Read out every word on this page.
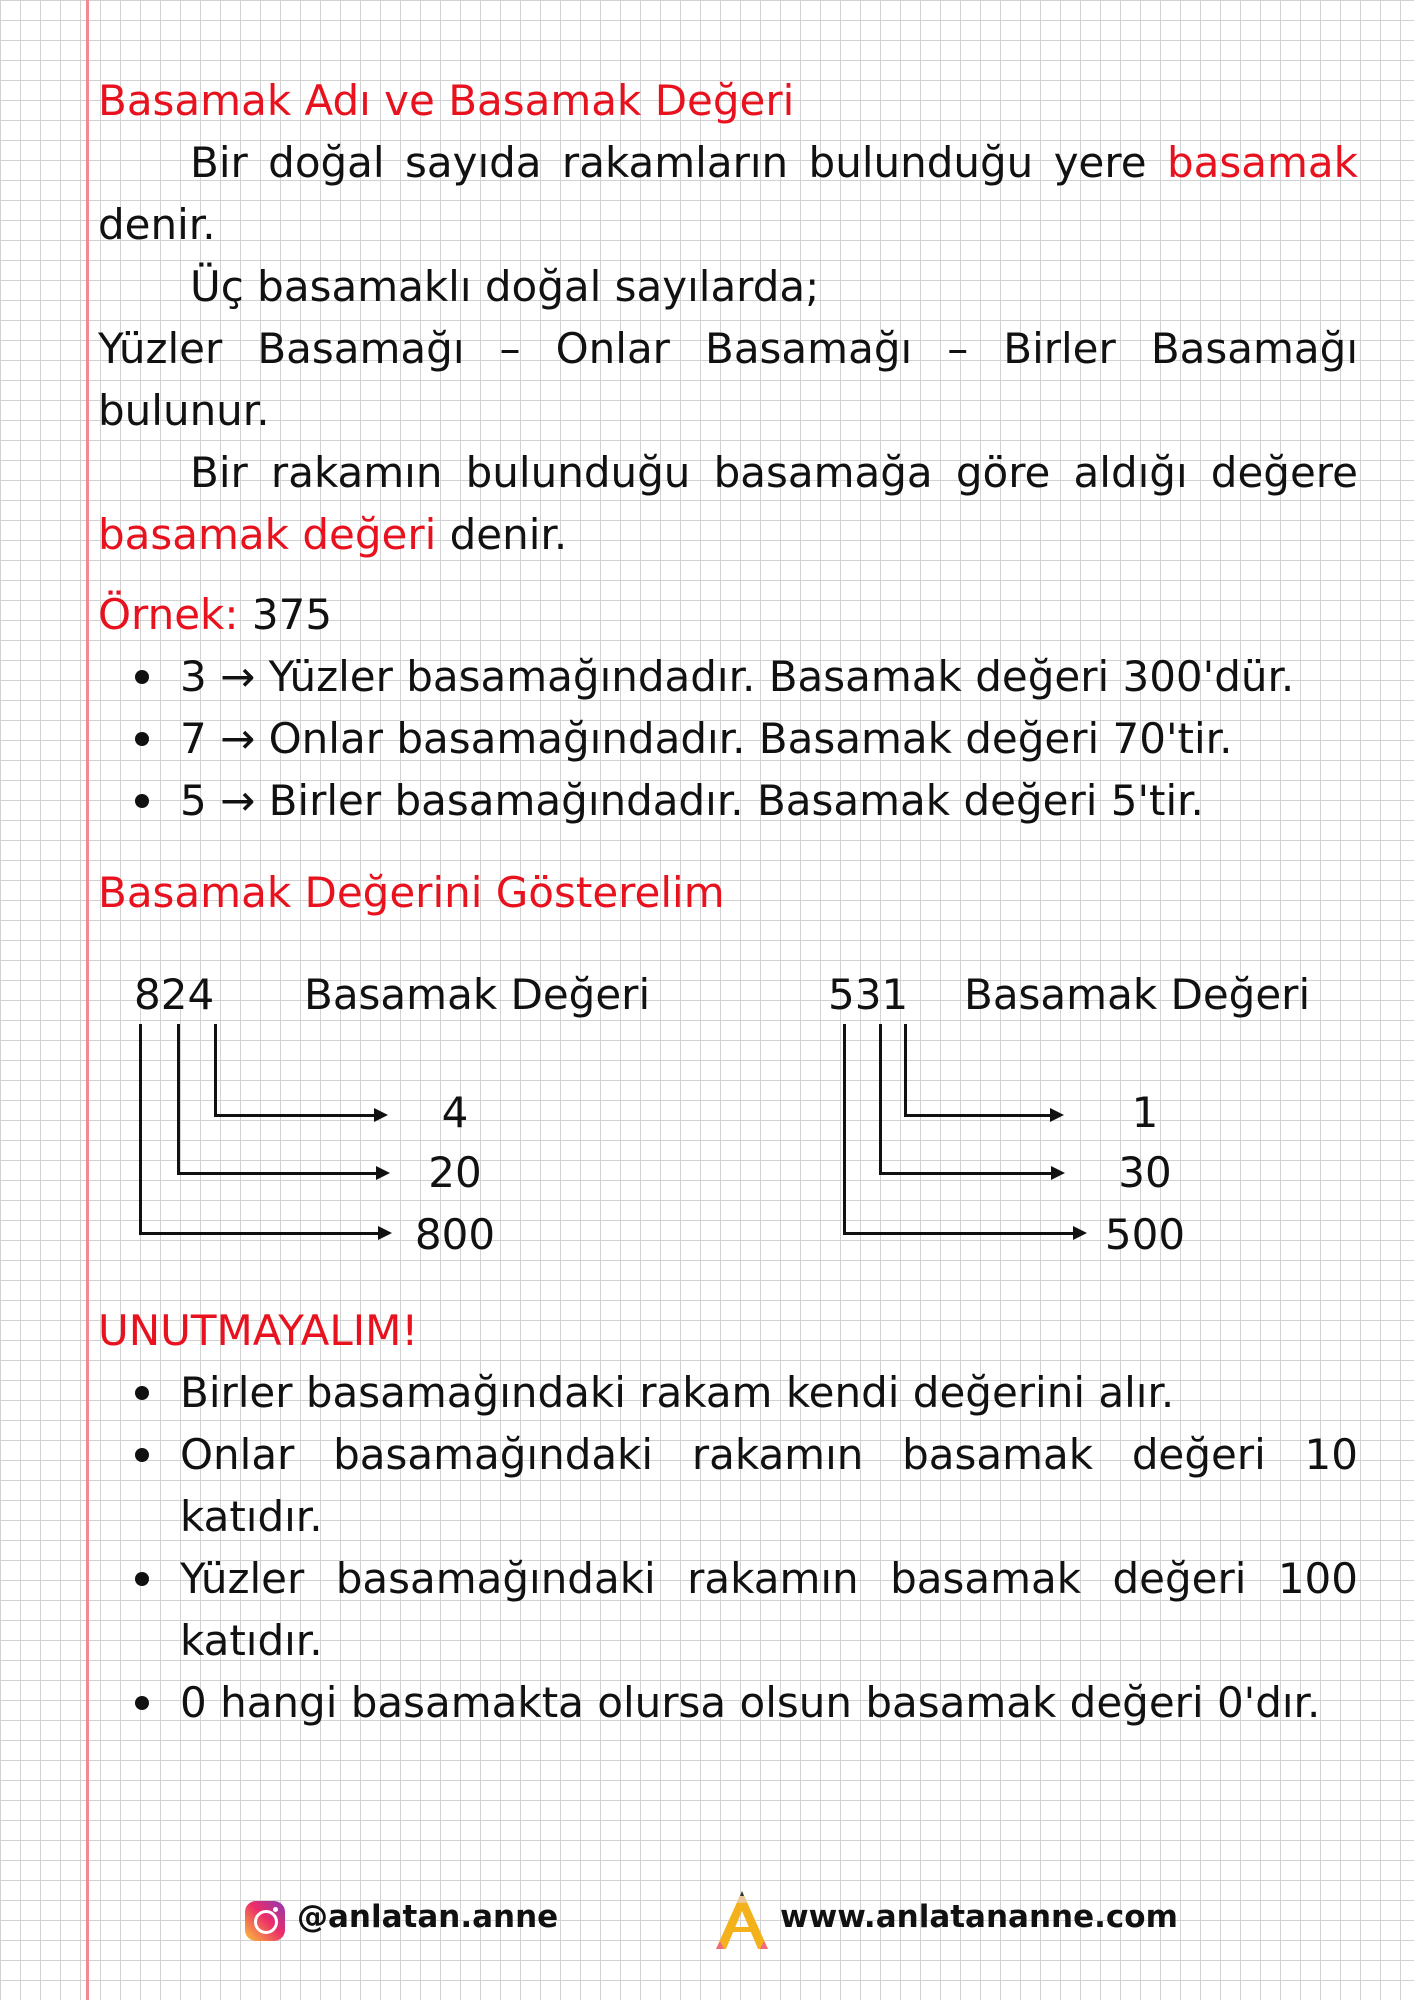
Basamak Adı ve Basamak Değeri

Bir doğal sayıda rakamların bulunduğu yere basamak denir.

Üç basamaklı doğal sayılarda;

Yüzler Basamağı – Onlar Basamağı – Birler Basamağı bulunur.

Bir rakamın bulunduğu basamağa göre aldığı değere basamak değeri denir.

Örnek: 375
3 → Yüzler basamağındadır. Basamak değeri 300'dür.
7 → Onlar basamağındadır. Basamak değeri 70'tir.
5 → Birler basamağındadır. Basamak değeri 5'tir.
Basamak Değerini Gösterelim
824 Basamak Değeri
4
20
800
531 Basamak Değeri
1
30
500
UNUTMAYALIM!
Birler basamağındaki rakam kendi değerini alır.
Onlar basamağındaki rakamın basamak değeri 10 katıdır.
Yüzler basamağındaki rakamın basamak değeri 100 katıdır.
0 hangi basamakta olursa olsun basamak değeri 0'dır.
@anlatan.anne	www.anlatananne.com
